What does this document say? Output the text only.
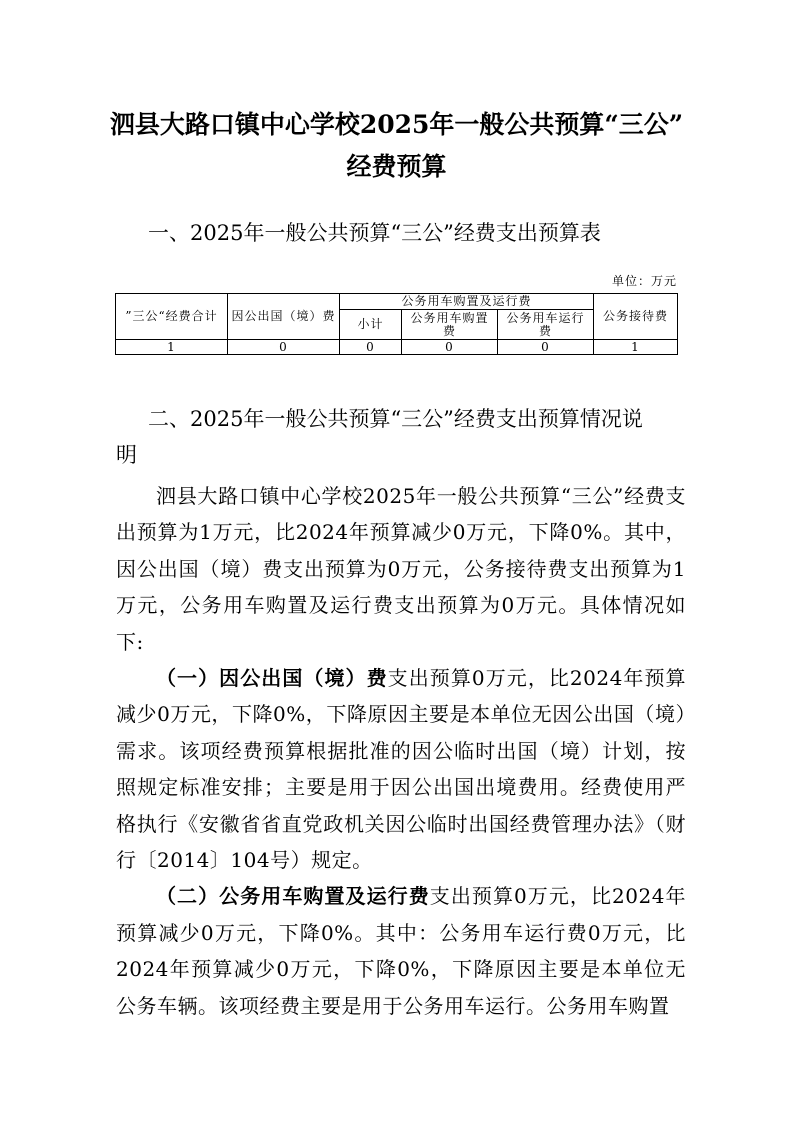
泗县大路口镇中心学校2025年一般公共预算“三公”
经费预算
一、2025年一般公共预算“三公”经费支出预算表
单位：万元
”三公“经费合计	因公出国（境）费	公务用车购置及运行费			公务接待费
		小计	公务用车购置费	公务用车运行费	
1	0	0	0	0	1
二、2025年一般公共预算“三公”经费支出预算情况说
明

泗县大路口镇中心学校2025年一般公共预算“三公”经费支出预算为1万元，比2024年预算减少0万元，下降0%。其中，因公出国（境）费支出预算为0万元，公务接待费支出预算为1万元，公务用车购置及运行费支出预算为0万元。具体情况如下:

（一）因公出国（境）费支出预算0万元，比2024年预算减少0万元，下降0%，下降原因主要是本单位无因公出国（境）需求。该项经费预算根据批准的因公临时出国（境）计划，按照规定标准安排；主要是用于因公出国出境费用。经费使用严格执行《安徽省省直党政机关因公临时出国经费管理办法》（财行〔2014〕104号）规定。

（二）公务用车购置及运行费支出预算0万元，比2024年预算减少0万元，下降0%。其中：公务用车运行费0万元，比2024年预算减少0万元，下降0%，下降原因主要是本单位无公务车辆。该项经费主要是用于公务用车运行。公务用车购置
